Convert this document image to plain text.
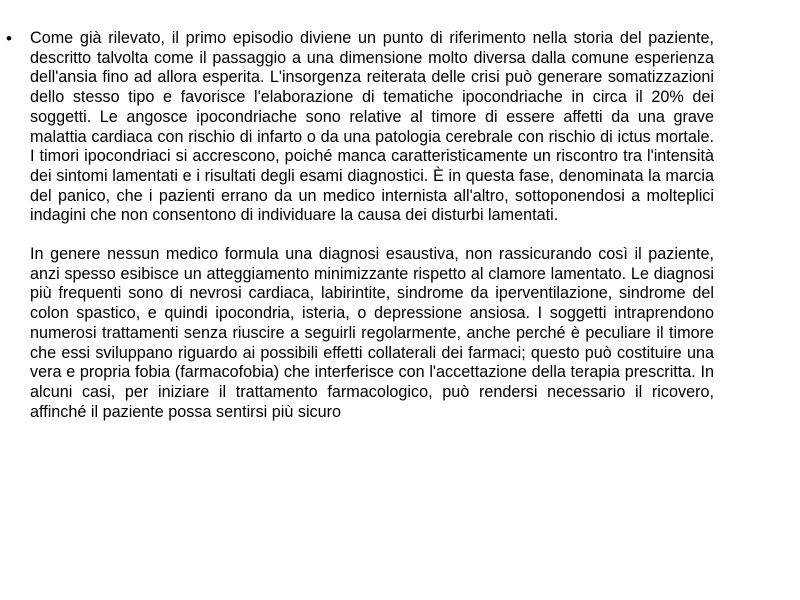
•	Come già rilevato, il primo episodio diviene un punto di riferimento nella storia del paziente, descritto talvolta come il passaggio a una dimensione molto diversa dalla comune esperienza dell'ansia fino ad allora esperita. L'insorgenza reiterata delle crisi può generare somatizzazioni dello stesso tipo e favorisce l'elaborazione di tematiche ipocondriache in circa il 20% dei soggetti. Le angosce ipocondriache sono relative al timore di essere affetti da una grave malattia cardiaca con rischio di infarto o da una patologia cerebrale con rischio di ictus mortale. I timori ipocondriaci si accrescono, poiché manca caratteristicamente un riscontro tra l'intensità dei sintomi lamentati e i risultati degli esami diagnostici. È in questa fase, denominata la marcia del panico, che i pazienti errano da un medico internista all'altro, sottoponendosi a molteplici indagini che non consentono di individuare la causa dei disturbi lamentati.

In genere nessun medico formula una diagnosi esaustiva, non rassicurando così il paziente, anzi spesso esibisce un atteggiamento minimizzante rispetto al clamore lamentato. Le diagnosi più frequenti sono di nevrosi cardiaca, labirintite, sindrome da iperventilazione, sindrome del colon spastico, e quindi ipocondria, isteria, o depressione ansiosa. I soggetti intraprendono numerosi trattamenti senza riuscire a seguirli regolarmente, anche perché è peculiare il timore che essi sviluppano riguardo ai possibili effetti collaterali dei farmaci; questo può costituire una vera e propria fobia (farmacofobia) che interferisce con l'accettazione della terapia prescritta. In alcuni casi, per iniziare il trattamento farmacologico, può rendersi necessario il ricovero, affinché il paziente possa sentirsi più sicuro
